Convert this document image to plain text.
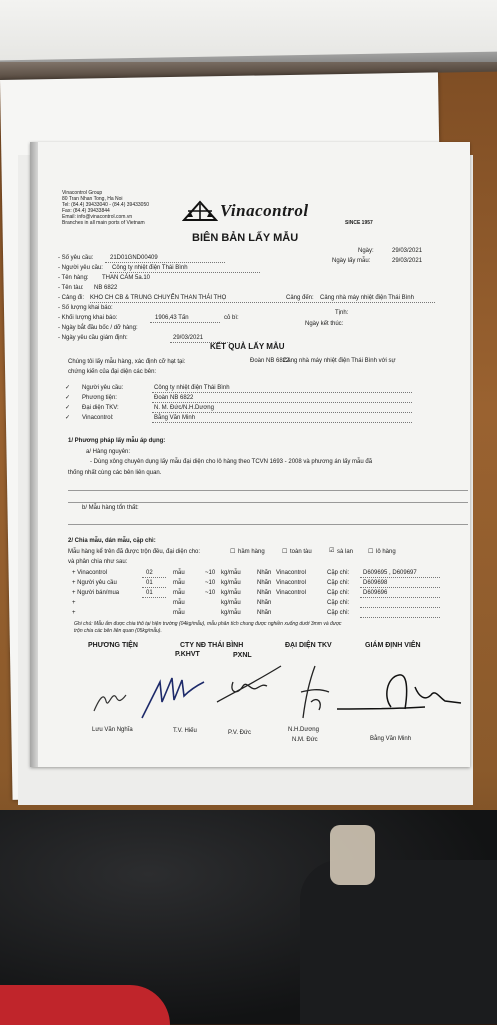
Vinacontrol Group
80 Tran Nhan Tong, Ha Noi
Tel: (84.4) 39433040 - (84.4) 39433050
Fax: (84.4) 39433844
Email: info@vinacontrol.com.vn
Branches in all main ports of Vietnam
Vinacontrol
SINCE 1957
BIÊN BẢN LẤY MẪU
Ngày:	29/03/2021
Ngày lấy mẫu:	29/03/2021
- Số yêu cầu:	21D01GND00409
- Người yêu cầu: Công ty nhiệt điện Thái Bình
- Tên hàng: THAN CÁM 5a.10
- Tên tàu: NB 6822
- Cảng đi: KHO CH CB & TRUNG CHUYỂN THAN THÁI THỌ	Cảng đến: Cảng nhà máy nhiệt điện Thái Bình
- Số lượng khai báo:
Tịnh:
- Khối lượng khai báo:	1906,43 Tấn	cỏ bì:
- Ngày bắt đầu bốc / dỡ hàng:
Ngày kết thúc:
- Ngày yêu cầu giám định:	29/03/2021
KẾT QUẢ LẤY MẪU
Chúng tôi lấy mẫu hàng, xác định cỡ hạt tại:	Đoàn NB 6822
Cảng nhà máy nhiệt điện Thái Bình với sự
chứng kiến của đại diện các bên:
✓ Người yêu cầu:	Công ty nhiệt điện Thái Bình
✓ Phương tiện:	Đoàn NB 6822
✓ Đại diện TKV:	N. M. Đức/N.H.Dương
✓ Vinacontrol:	Bằng Văn Minh
1/ Phương pháp lấy mẫu áp dụng:
a/ Hàng nguyên:
- Dùng xông chuyên dụng lấy mẫu đại diện cho lô hàng theo TCVN 1693 - 2008 và phương án lấy mẫu đã
thống nhất cùng các bên liên quan.
b/ Mẫu hàng tổn thất:
2/ Chia mẫu, dán mẫu, cặp chì:
Mẫu hàng kể trên đã được trộn đều, đại diện cho:	☐ hầm hàng	☐ toàn tàu	☑ sà lan ☐ lô hàng
và phân chia như sau:
+ Vinacontrol	02	mẫu	~10 kg/mẫu	Nhãn Vinacontrol	Cặp chì: D609695 , D609697
+ Người yêu cầu	01	mẫu	~10 kg/mẫu	Nhãn Vinacontrol	Cặp chì: D609698
+ Người bán/mua	01	mẫu	~10 kg/mẫu	Nhãn Vinacontrol	Cặp chì: D609696
+	mẫu	kg/mẫu	Nhãn	Cặp chì:
+	mẫu	kg/mẫu	Nhãn	Cặp chì:
Ghi chú: Mẫu ẩm được chia thô tại hiện trường (04kg/mẫu), mẫu phân tích chung được nghiền xuống dưới 3mm và được
trộn chia các bên liên quan (05kg/mẫu).
PHƯƠNG TIỆN	CTY NĐ THÁI BÌNH
P.KHVT	PXNL
ĐẠI DIỆN TKV	GIÁM ĐỊNH VIÊN
Lưu Văn Nghĩa	T.V. Hiếu	P.V. Đức	N.H.Dương
N.M. Đức	Bằng Văn Minh
